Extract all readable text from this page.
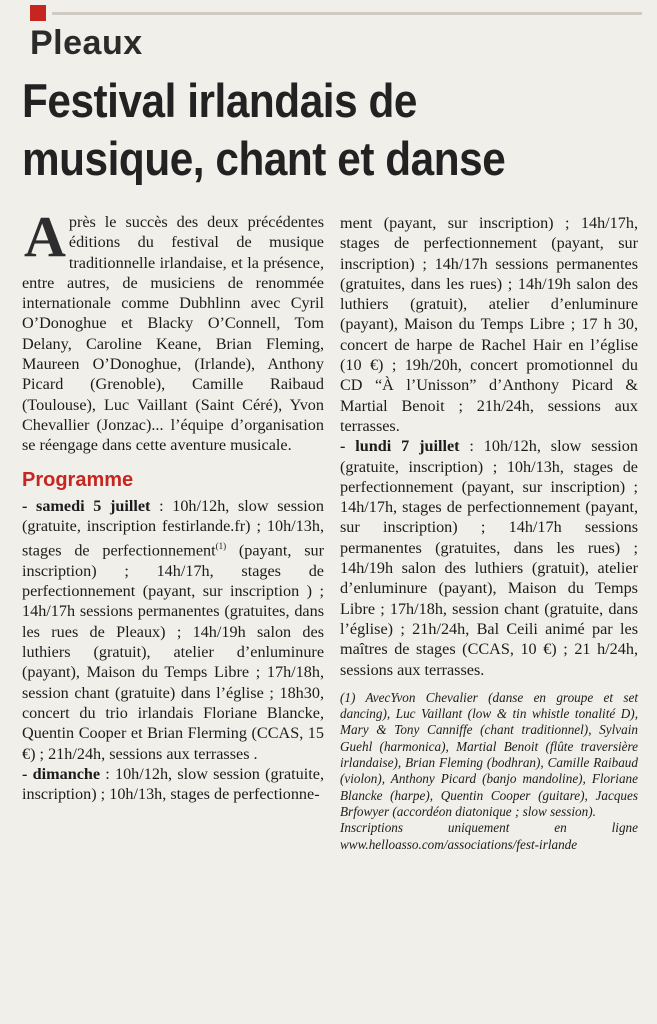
Pleaux
Festival irlandais de musique, chant et danse

Après le succès des deux précédentes éditions du festival de musique traditionnelle irlandaise, et la présence, entre autres, de musiciens de renommée internationale comme Dubhlinn avec Cyril O’Donoghue et Blacky O’Connell, Tom Delany, Caroline Keane, Brian Fleming, Maureen O’Donoghue, (Irlande), Anthony Picard (Grenoble), Camille Raibaud (Toulouse), Luc Vaillant (Saint Céré), Yvon Chevallier (Jonzac)... l’équipe d’organisation se réengage dans cette aventure musicale.

Programme

- samedi 5 juillet : 10h/12h, slow session (gratuite, inscription festirlande.fr) ; 10h/13h, stages de perfectionnement$^{(1)}$ (payant, sur inscription) ; 14h/17h, stages de perfectionnement (payant, sur inscription ) ; 14h/17h sessions permanentes (gratuites, dans les rues de Pleaux) ; 14h/19h salon des luthiers (gratuit), atelier d’enluminure (payant), Maison du Temps Libre ; 17h/18h, session chant (gratuite) dans l’église ; 18h30, concert du trio irlandais Floriane Blancke, Quentin Cooper et Brian Flerming (CCAS, 15 €) ; 21h/24h, sessions aux terrasses .

- dimanche : 10h/12h, slow session (gratuite, inscription) ; 10h/13h, stages de perfectionne-

ment (payant, sur inscription) ; 14h/17h, stages de perfectionnement (payant, sur inscription) ; 14h/17h sessions permanentes (gratuites, dans les rues) ; 14h/19h salon des luthiers (gratuit), atelier d’enluminure (payant), Maison du Temps Libre ; 17 h 30, concert de harpe de Rachel Hair en l’église (10 €) ; 19h/20h, concert promotionnel du CD “À l’Unisson” d’Anthony Picard & Martial Benoit ; 21h/24h, sessions aux terrasses.

- lundi 7 juillet : 10h/12h, slow session (gratuite, inscription) ; 10h/13h, stages de perfectionnement (payant, sur inscription) ; 14h/17h, stages de perfectionnement (payant, sur inscription) ; 14h/17h sessions permanentes (gratuites, dans les rues) ; 14h/19h salon des luthiers (gratuit), atelier d’enluminure (payant), Maison du Temps Libre ; 17h/18h, session chant (gratuite, dans l’église) ; 21h/24h, Bal Ceili animé par les maîtres de stages (CCAS, 10 €) ; 21 h/24h, sessions aux terrasses.

(1) AvecYvon Chevalier (danse en groupe et set dancing), Luc Vaillant (low & tin whistle tonalité D), Mary & Tony Canniffe (chant traditionnel), Sylvain Guehl (harmonica), Martial Benoit (flûte traversière irlandaise), Brian Fleming (bodhran), Camille Raibaud (violon), Anthony Picard (banjo mandoline), Floriane Blancke (harpe), Quentin Cooper (guitare), Jacques Brfowyer (accordéon diatonique ; slow session).

Inscriptions uniquement en ligne www.helloasso.com/associations/fest-irlande
